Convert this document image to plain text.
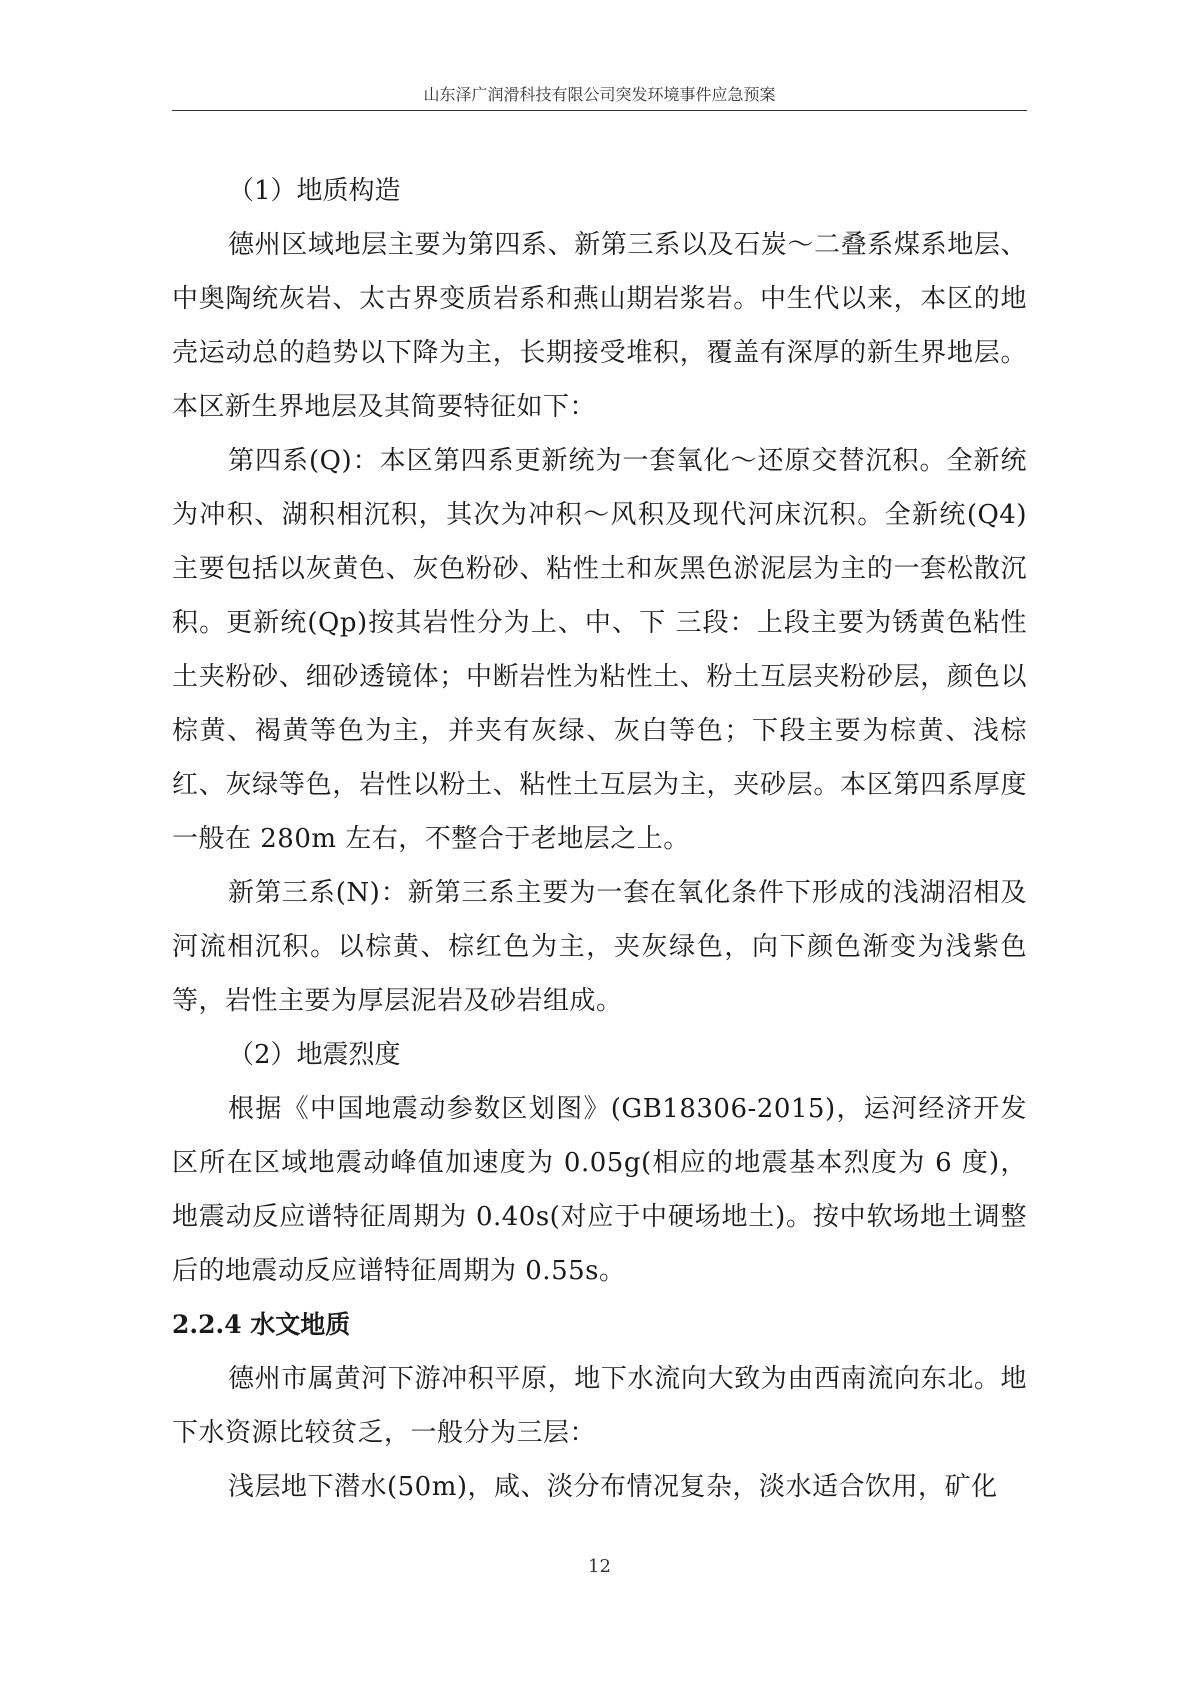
山东泽广润滑科技有限公司突发环境事件应急预案

（1）地质构造

德州区域地层主要为第四系、新第三系以及石炭～二叠系煤系地层、中奥陶统灰岩、太古界变质岩系和燕山期岩浆岩。中生代以来，本区的地壳运动总的趋势以下降为主，长期接受堆积，覆盖有深厚的新生界地层。本区新生界地层及其简要特征如下：

第四系(Q)：本区第四系更新统为一套氧化～还原交替沉积。全新统为冲积、湖积相沉积，其次为冲积～风积及现代河床沉积。全新统(Q4)主要包括以灰黄色、灰色粉砂、粘性土和灰黑色淤泥层为主的一套松散沉积。更新统(Qp)按其岩性分为上、中、下 三段：上段主要为锈黄色粘性土夹粉砂、细砂透镜体；中断岩性为粘性土、粉土互层夹粉砂层，颜色以棕黄、褐黄等色为主，并夹有灰绿、灰白等色；下段主要为棕黄、浅棕红、灰绿等色，岩性以粉土、粘性土互层为主，夹砂层。本区第四系厚度一般在 280m 左右，不整合于老地层之上。

新第三系(N)：新第三系主要为一套在氧化条件下形成的浅湖沼相及河流相沉积。以棕黄、棕红色为主，夹灰绿色，向下颜色渐变为浅紫色等，岩性主要为厚层泥岩及砂岩组成。

（2）地震烈度

根据《中国地震动参数区划图》(GB18306-2015)，运河经济开发区所在区域地震动峰值加速度为 0.05g(相应的地震基本烈度为 6 度)，地震动反应谱特征周期为 0.40s(对应于中硬场地土)。按中软场地土调整后的地震动反应谱特征周期为 0.55s。

2.2.4 水文地质

德州市属黄河下游冲积平原，地下水流向大致为由西南流向东北。地下水资源比较贫乏，一般分为三层：

浅层地下潜水(50m)，咸、淡分布情况复杂，淡水适合饮用，矿化

12
